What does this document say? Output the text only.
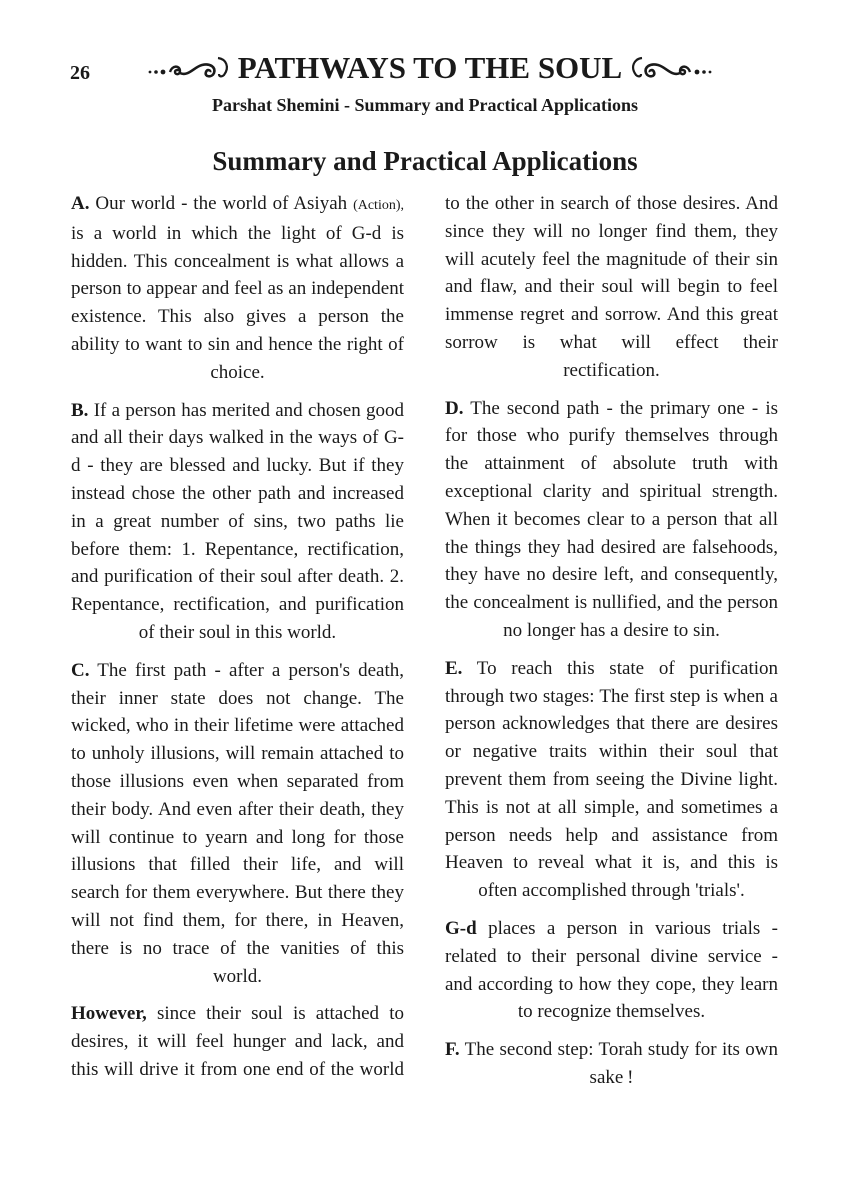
26	PATHWAYS TO THE SOUL
Parshat Shemini - Summary and Practical Applications
Summary and Practical Applications

A. Our world - the world of Asiyah (Action), is a world in which the light of G-d is hidden. This concealment is what allows a person to appear and feel as an independent existence. This also gives a person the ability to want to sin and hence the right of choice.

B. If a person has merited and chosen good and all their days walked in the ways of G-d - they are blessed and lucky. But if they instead chose the other path and increased in a great number of sins, two paths lie before them: 1. Repentance, rectification, and purification of their soul after death. 2. Repentance, rectification, and purification of their soul in this world.

C. The first path - after a person's death, their inner state does not change. The wicked, who in their lifetime were attached to unholy illusions, will remain attached to those illusions even when separated from their body. And even after their death, they will continue to yearn and long for those illusions that filled their life, and will search for them everywhere. But there they will not find them, for there, in Heaven, there is no trace of the vanities of this world.

However, since their soul is attached to desires, it will feel hunger and lack, and this will drive it from one end of the world

to the other in search of those desires. And since they will no longer find them, they will acutely feel the magnitude of their sin and flaw, and their soul will begin to feel immense regret and sorrow. And this great sorrow is what will effect their rectification.

D. The second path - the primary one - is for those who purify themselves through the attainment of absolute truth with exceptional clarity and spiritual strength. When it becomes clear to a person that all the things they had desired are falsehoods, they have no desire left, and consequently, the concealment is nullified, and the person no longer has a desire to sin.

E. To reach this state of purification through two stages: The first step is when a person acknowledges that there are desires or negative traits within their soul that prevent them from seeing the Divine light. This is not at all simple, and sometimes a person needs help and assistance from Heaven to reveal what it is, and this is often accomplished through 'trials'.

G-d places a person in various trials - related to their personal divine service - and according to how they cope, they learn to recognize themselves.

F. The second step: Torah study for its own sake !
